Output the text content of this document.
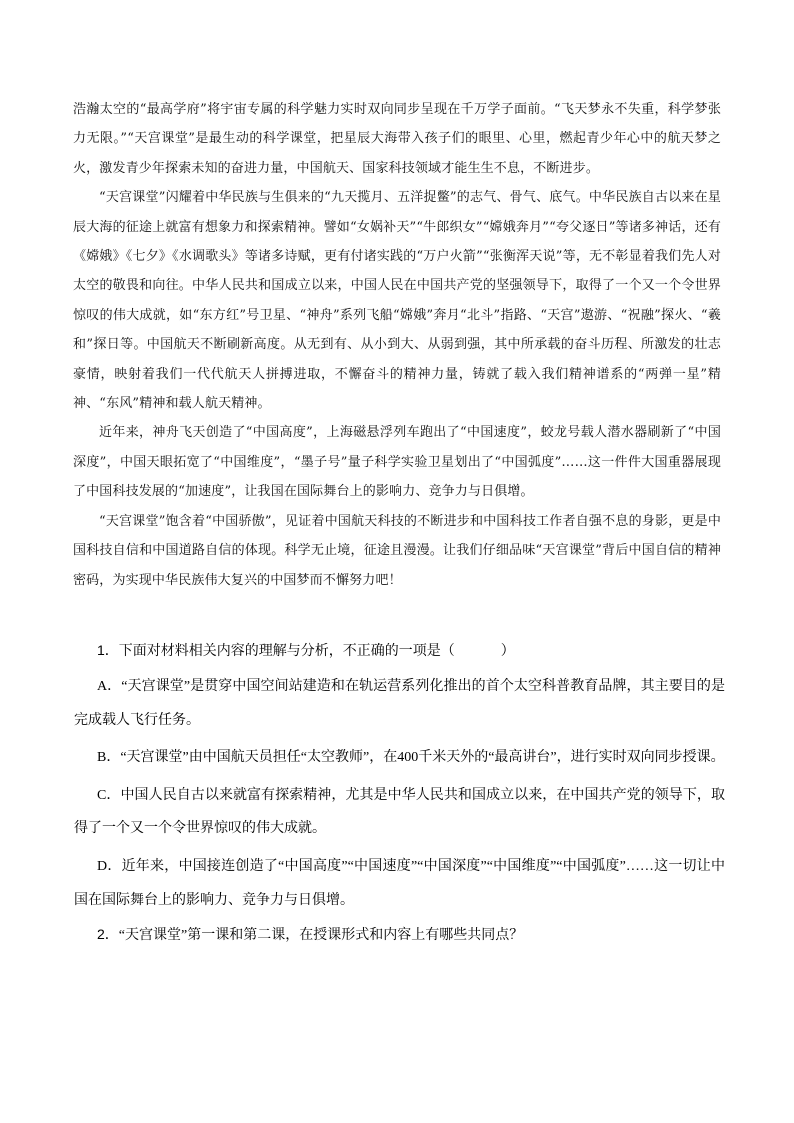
浩瀚太空的“最高学府”将宇宙专属的科学魅力实时双向同步呈现在千万学子面前。“飞天梦永不失重，科学梦张力无限。”“天宫课堂”是最生动的科学课堂，把星辰大海带入孩子们的眼里、心里，燃起青少年心中的航天梦之火，激发青少年探索未知的奋进力量，中国航天、国家科技领域才能生生不息，不断进步。

“天宫课堂”闪耀着中华民族与生俱来的“九天揽月、五洋捉鳖”的志气、骨气、底气。中华民族自古以来在星辰大海的征途上就富有想象力和探索精神。譬如“女娲补天”“牛郎织女”“嫦娥奔月”“夸父逐日”等诸多神话，还有《嫦娥》《七夕》《水调歌头》等诸多诗赋，更有付诸实践的“万户火箭”“张衡浑天说”等，无不彰显着我们先人对太空的敬畏和向往。中华人民共和国成立以来，中国人民在中国共产党的坚强领导下，取得了一个又一个令世界惊叹的伟大成就，如“东方红”号卫星、“神舟”系列飞船“嫦娥”奔月“北斗”指路、“天宫”遨游、“祝融”探火、“羲和”探日等。中国航天不断刷新高度。从无到有、从小到大、从弱到强，其中所承载的奋斗历程、所激发的壮志豪情，映射着我们一代代航天人拼搏进取，不懈奋斗的精神力量，铸就了载入我们精神谱系的“两弹一星”精神、“东风”精神和载人航天精神。

近年来，神舟飞天创造了“中国高度”，上海磁悬浮列车跑出了“中国速度”，蛟龙号载人潜水器刷新了“中国深度”，中国天眼拓宽了“中国维度”，“墨子号”量子科学实验卫星划出了“中国弧度”……这一件件大国重器展现了中国科技发展的“加速度”，让我国在国际舞台上的影响力、竞争力与日俱增。

“天宫课堂”饱含着“中国骄傲”，见证着中国航天科技的不断进步和中国科技工作者自强不息的身影，更是中国科技自信和中国道路自信的体现。科学无止境，征途且漫漫。让我们仔细品味“天宫课堂”背后中国自信的精神密码，为实现中华民族伟大复兴的中国梦而不懈努力吧！

1．下面对材料相关内容的理解与分析，不正确的一项是（	）

A．“天宫课堂”是贯穿中国空间站建造和在轨运营系列化推出的首个太空科普教育品牌，其主要目的是完成载人飞行任务。

B．“天宫课堂”由中国航天员担任“太空教师”，在400千米天外的“最高讲台”，进行实时双向同步授课。

C．中国人民自古以来就富有探索精神，尤其是中华人民共和国成立以来，在中国共产党的领导下，取得了一个又一个令世界惊叹的伟大成就。

D．近年来，中国接连创造了“中国高度”“中国速度”“中国深度”“中国维度”“中国弧度”……这一切让中国在国际舞台上的影响力、竞争力与日俱增。

2．“天宫课堂”第一课和第二课，在授课形式和内容上有哪些共同点？
